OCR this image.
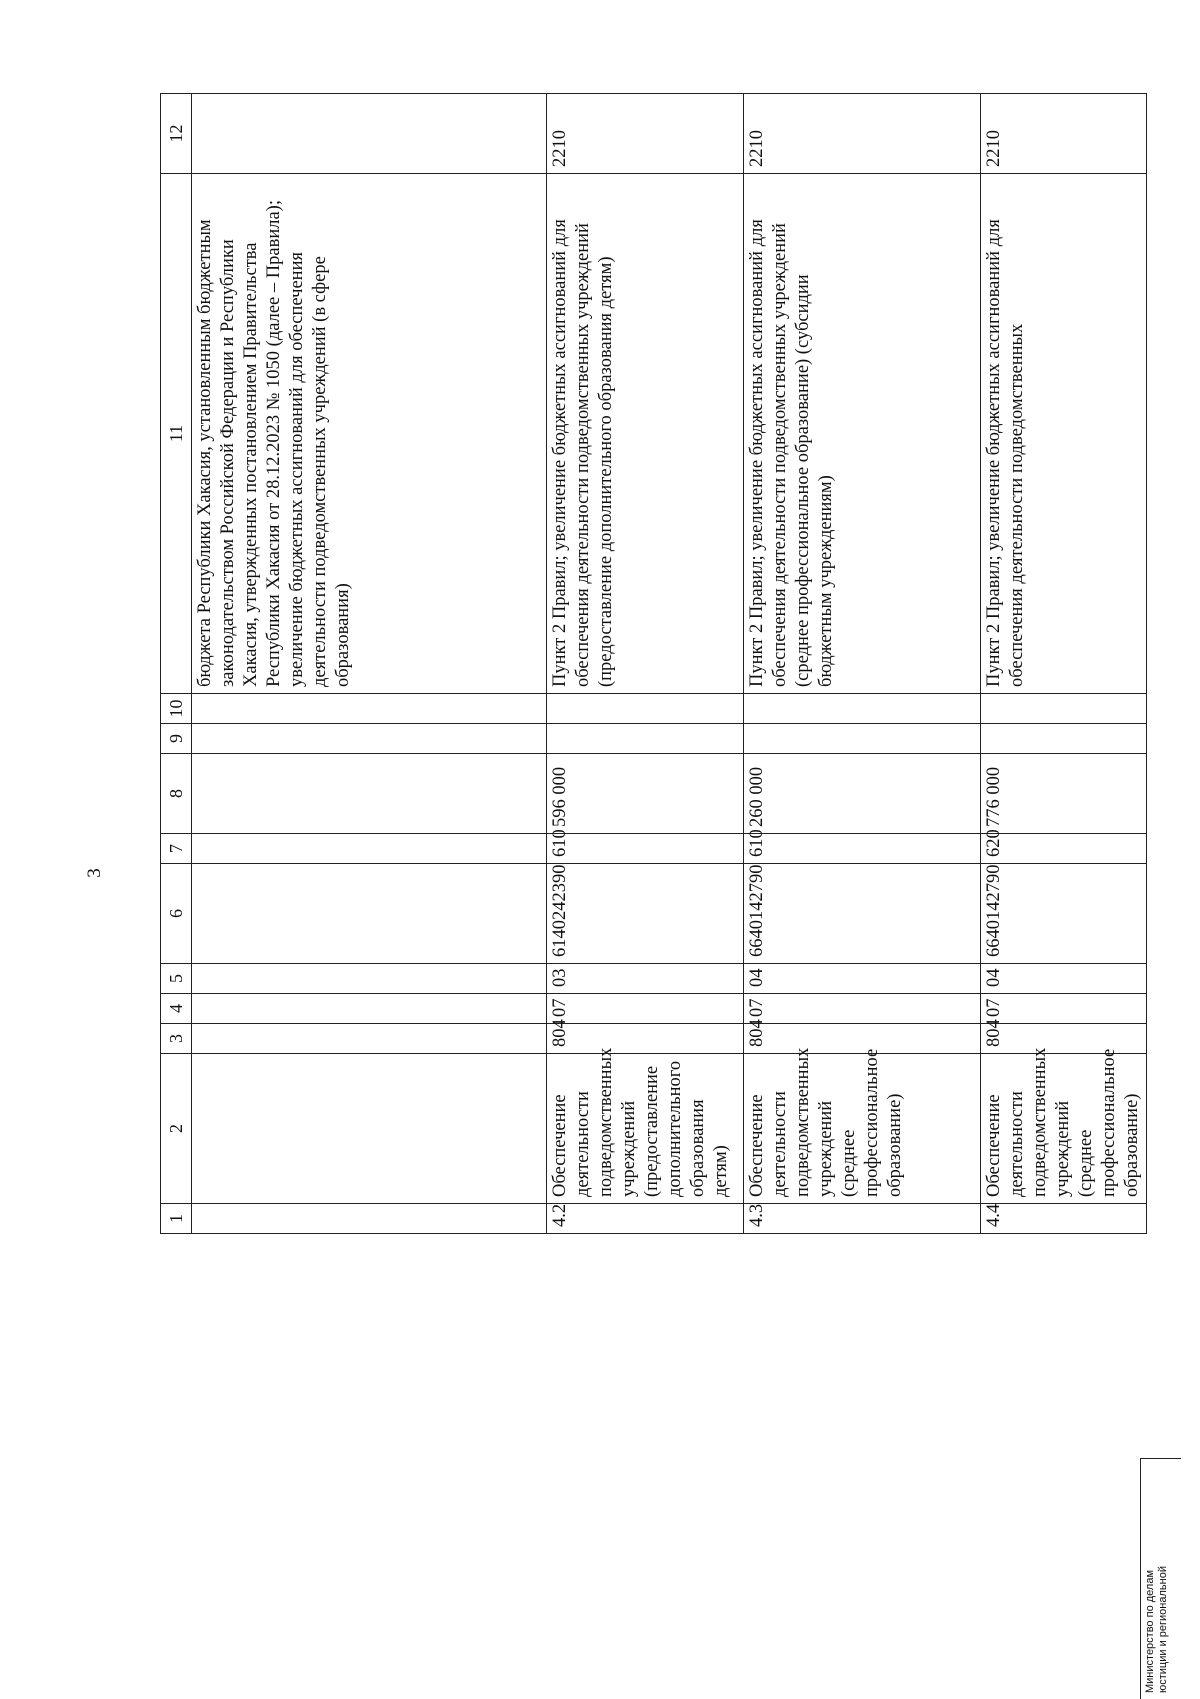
3
1	2	3	4	5	6	7	8	9	10	11	12
										бюджета Республики Хакасия, установленным бюджетным законодательством Российской Федерации и Республики Хакасия, утвержденных постановлением Правительства Республики Хакасия от 28.12.2023 № 1050 (далее – Правила); увеличение бюджетных ассигнований для обеспечения деятельности подведомственных учреждений (в сфере образования)	
4.2	Обеспечение деятельности подведомственных учреждений (предоставление дополнительного образования детям)	804	07	03	6140242390	610	596 000			Пункт 2 Правил; увеличение бюджетных ассигнований для обеспечения деятельности подведомственных учреждений (предоставление дополнительного образования детям)	2210
4.3	Обеспечение деятельности подведомственных учреждений (среднее профессиональное образование)	804	07	04	6640142790	610	260 000			Пункт 2 Правил; увеличение бюджетных ассигнований для обеспечения деятельности подведомственных учреждений (среднее профессиональное образование) (субсидии бюджетным учреждениям)	2210
4.4	Обеспечение деятельности подведомственных учреждений (среднее профессиональное образование)	804	07	04	6640142790	620	776 000			Пункт 2 Правил; увеличение бюджетных ассигнований для обеспечения деятельности подведомственных	2210
Министерство по делам юстиции и региональной
